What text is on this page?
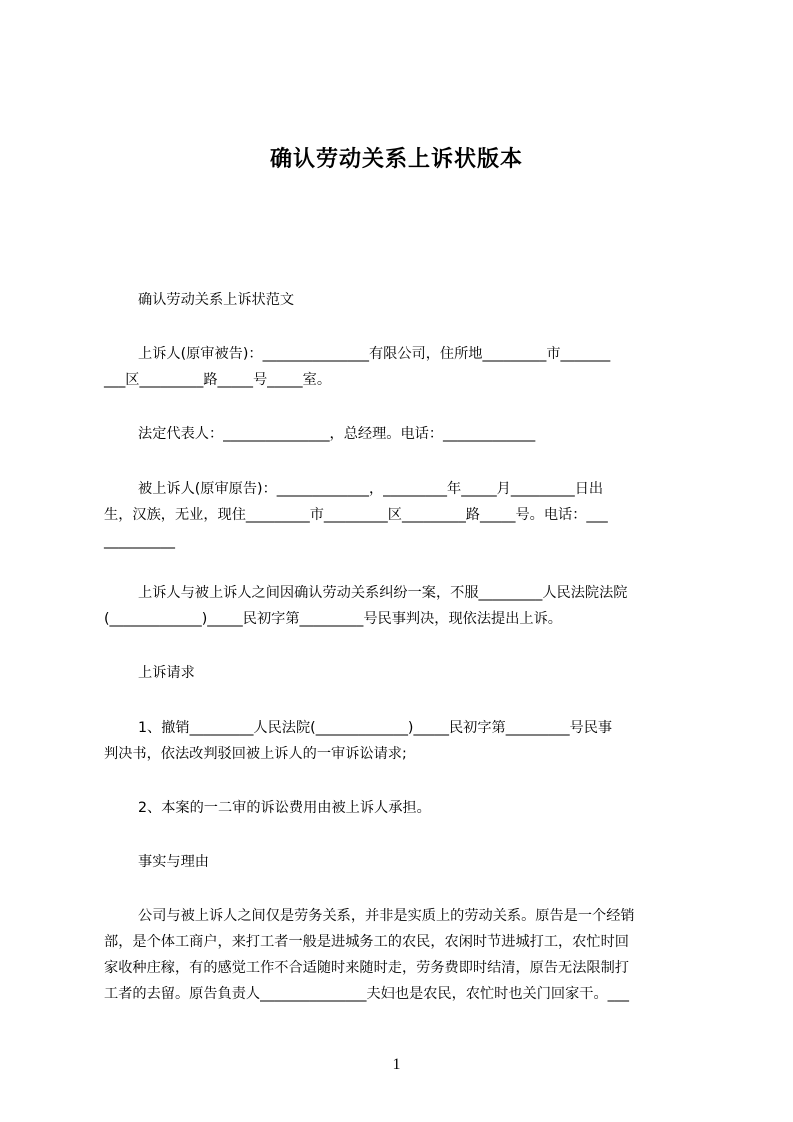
确认劳动关系上诉状版本
确认劳动关系上诉状范文
上诉人(原审被告)：_______________有限公司，住所地_________市_______
___区_________路_____号_____室。
法定代表人：_______________，总经理。电话：_____________
被上诉人(原审原告)：_____________，_________年_____月_________日出
生，汉族，无业，现住_________市_________区_________路_____号。电话：___
__________
上诉人与被上诉人之间因确认劳动关系纠纷一案，不服_________人民法院法院
(_____________)_____民初字第_________号民事判决，现依法提出上诉。
上诉请求
1、撤销_________人民法院(_____________)_____民初字第_________号民事
判决书，依法改判驳回被上诉人的一审诉讼请求;
2、本案的一二审的诉讼费用由被上诉人承担。
事实与理由
公司与被上诉人之间仅是劳务关系，并非是实质上的劳动关系。原告是一个经销
部，是个体工商户，来打工者一般是进城务工的农民，农闲时节进城打工，农忙时回
家收种庄稼，有的感觉工作不合适随时来随时走，劳务费即时结清，原告无法限制打
工者的去留。原告負责人_______________夫妇也是农民，农忙时也关门回家干。___
1
